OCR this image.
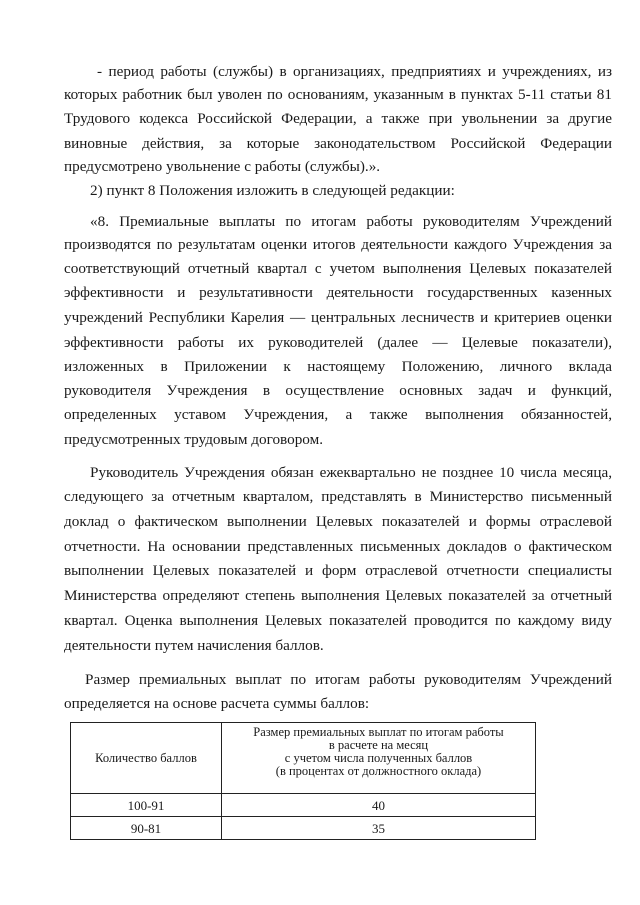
- период работы (службы) в организациях, предприятиях и учреждениях, из
которых работник был уволен по основаниям, указанным в пунктах 5-11 статьи 81
Трудового кодекса Российской Федерации, а также при увольнении за другие
виновные действия, за которые законодательством Российской Федерации
предусмотрено увольнение с работы (службы).».
2) пункт 8 Положения изложить в следующей редакции:
«8. Премиальные выплаты по итогам работы руководителям Учреждений
производятся по результатам оценки итогов деятельности каждого Учреждения за
соответствующий отчетный квартал с учетом выполнения Целевых показателей
эффективности и результативности деятельности государственных казенных
учреждений Республики Карелия — центральных лесничеств и критериев оценки
эффективности работы их руководителей (далее — Целевые показатели),
изложенных в Приложении к настоящему Положению, личного вклада
руководителя Учреждения в осуществление основных задач и функций,
определенных уставом Учреждения, а также выполнения обязанностей,
предусмотренных трудовым договором.
Руководитель Учреждения обязан ежеквартально не позднее 10 числа месяца,
следующего за отчетным кварталом, представлять в Министерство письменный
доклад о фактическом выполнении Целевых показателей и формы отраслевой
отчетности. На основании представленных письменных докладов о фактическом
выполнении Целевых показателей и форм отраслевой отчетности специалисты
Министерства определяют степень выполнения Целевых показателей за отчетный
квартал. Оценка выполнения Целевых показателей проводится по каждому виду
деятельности путем начисления баллов.
Размер премиальных выплат по итогам работы руководителям Учреждений
определяется на основе расчета суммы баллов:
Количество баллов	Размер премиальных выплат по итогам работы
в расчете на месяц
с учетом числа полученных баллов
(в процентах от должностного оклада)

100-91	40
90-81	35
